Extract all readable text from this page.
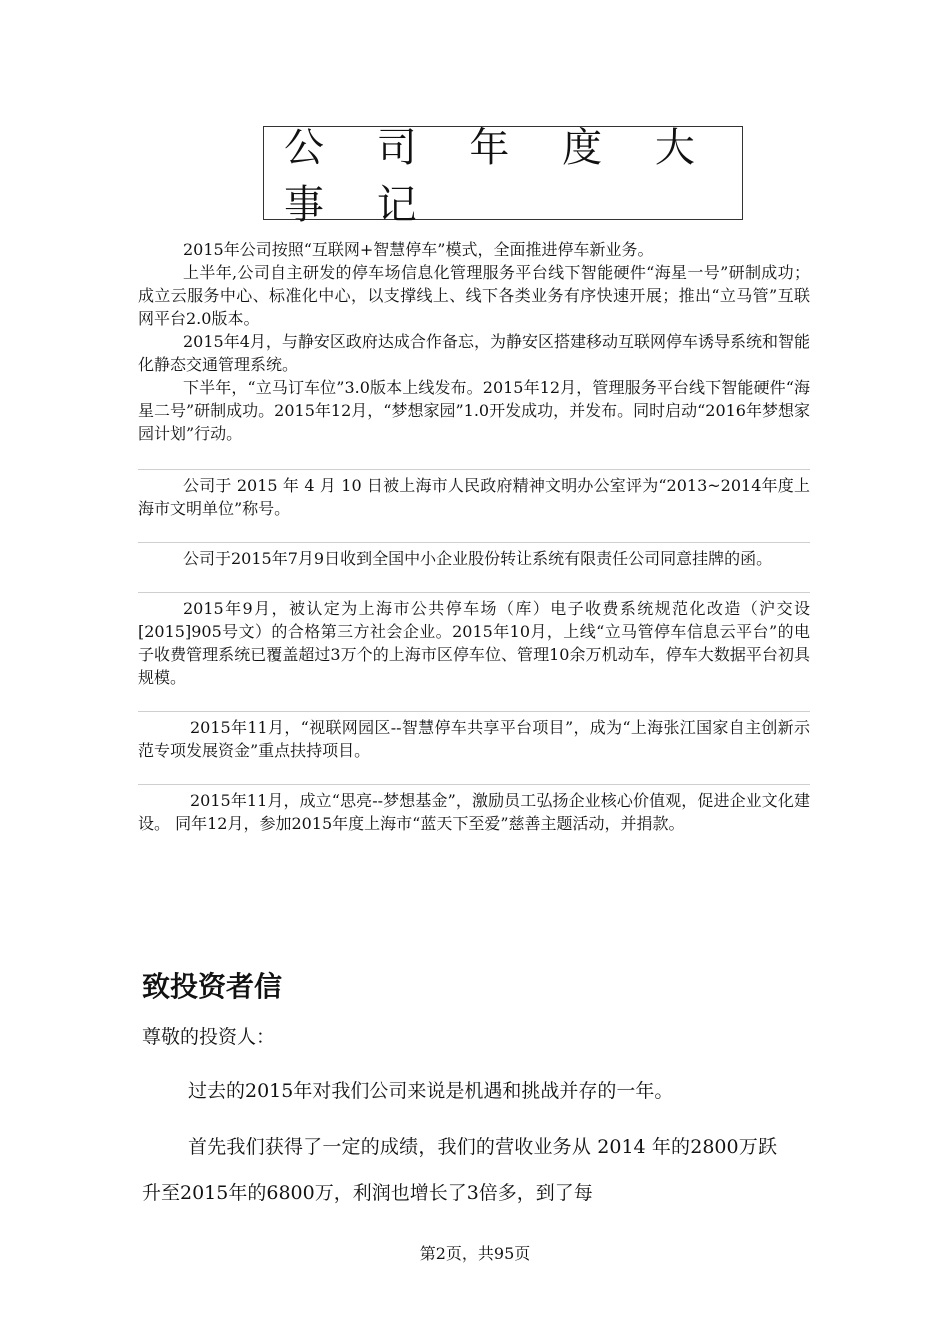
公 司 年 度 大 事 记

2015年公司按照“互联网+智慧停车”模式，全面推进停车新业务。

上半年,公司自主研发的停车场信息化管理服务平台线下智能硬件“海星一号”研制成功；成立云服务中心、标准化中心，以支撑线上、线下各类业务有序快速开展；推出“立马管”互联网平台2.0版本。

2015年4月，与静安区政府达成合作备忘，为静安区搭建移动互联网停车诱导系统和智能化静态交通管理系统。

下半年，“立马订车位”3.0版本上线发布。2015年12月，管理服务平台线下智能硬件“海星二号”研制成功。2015年12月，“梦想家园”1.0开发成功，并发布。同时启动“2016年梦想家园计划”行动。

公司于 2015 年 4 月 10 日被上海市人民政府精神文明办公室评为“2013~2014年度上海市文明单位”称号。

公司于2015年7月9日收到全国中小企业股份转让系统有限责任公司同意挂牌的函。

2015年9月，被认定为上海市公共停车场（库）电子收费系统规范化改造（沪交设[2015]905号文）的合格第三方社会企业。2015年10月，上线“立马管停车信息云平台”的电子收费管理系统已覆盖超过3万个的上海市区停车位、管理10余万机动车，停车大数据平台初具规模。

2015年11月，“视联网园区--智慧停车共享平台项目”，成为“上海张江国家自主创新示范专项发展资金”重点扶持项目。

2015年11月，成立“思亮--梦想基金”，激励员工弘扬企业核心价值观，促进企业文化建设。 同年12月，参加2015年度上海市“蓝天下至爱”慈善主题活动，并捐款。

致投资者信

尊敬的投资人：

过去的2015年对我们公司来说是机遇和挑战并存的一年。

首先我们获得了一定的成绩，我们的营收业务从 2014 年的2800万跃升至2015年的6800万，利润也增长了3倍多，到了每

第2页，共95页
